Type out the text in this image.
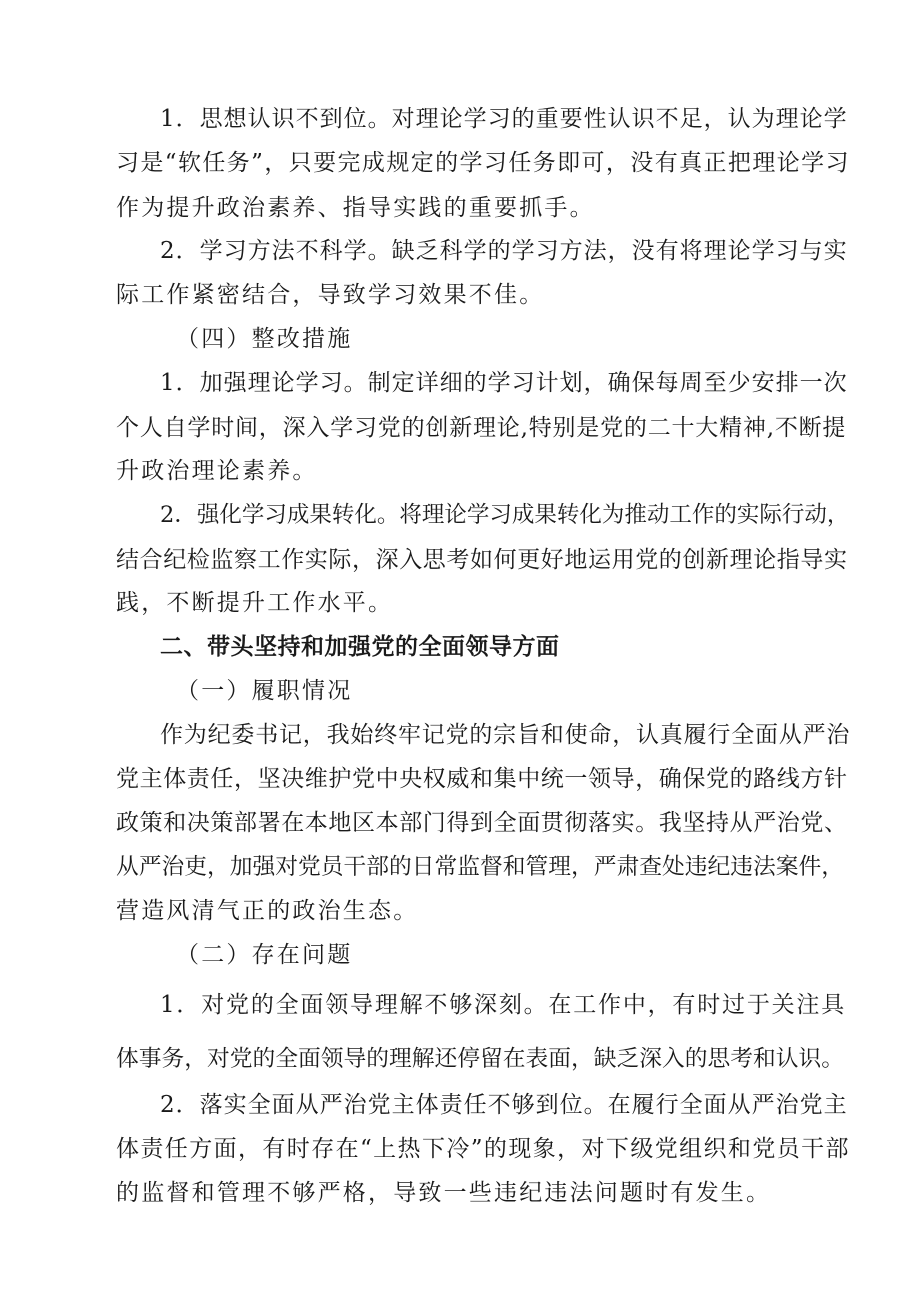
1．思想认识不到位。对理论学习的重要性认识不足，认为理论学
习是“软任务”，只要完成规定的学习任务即可，没有真正把理论学习
作为提升政治素养、指导实践的重要抓手。
2．学习方法不科学。缺乏科学的学习方法，没有将理论学习与实
际工作紧密结合，导致学习效果不佳。
（四）整改措施
1．加强理论学习。制定详细的学习计划，确保每周至少安排一次
个人自学时间，深入学习党的创新理论,特别是党的二十大精神,不断提
升政治理论素养。
2．强化学习成果转化。将理论学习成果转化为推动工作的实际行动，
结合纪检监察工作实际，深入思考如何更好地运用党的创新理论指导实
践，不断提升工作水平。
二、带头坚持和加强党的全面领导方面
（一）履职情况
作为纪委书记，我始终牢记党的宗旨和使命，认真履行全面从严治
党主体责任，坚决维护党中央权威和集中统一领导，确保党的路线方针
政策和决策部署在本地区本部门得到全面贯彻落实。我坚持从严治党、
从严治吏，加强对党员干部的日常监督和管理，严肃查处违纪违法案件，
营造风清气正的政治生态。
（二）存在问题
1．对党的全面领导理解不够深刻。在工作中，有时过于关注具
体事务，对党的全面领导的理解还停留在表面，缺乏深入的思考和认识。
2．落实全面从严治党主体责任不够到位。在履行全面从严治党主
体责任方面，有时存在“上热下冷”的现象，对下级党组织和党员干部
的监督和管理不够严格，导致一些违纪违法问题时有发生。
